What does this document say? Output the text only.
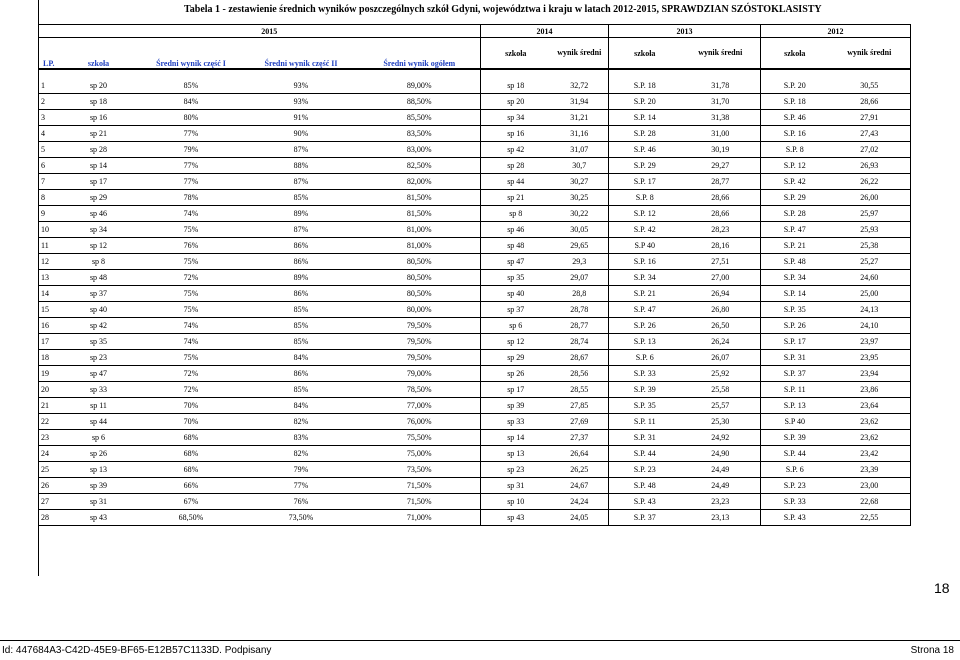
Tabela 1 - zestawienie średnich wyników poszczególnych szkół Gdyni, województwa i kraju w latach 2012-2015, SPRAWDZIAN SZÓSTOKLASISTY
	2015				2014		2013		2012	
LP.	szkoła	Średni wynik część I	Średni wynik część II	Średni wynik ogółem	szkoła	wynik średni	szkoła	wynik średni	szkoła	wynik średni

1	sp 20	85%	93%	89,00%	sp 18	32,72	S.P. 18	31,78	S.P. 20	30,55
2	sp 18	84%	93%	88,50%	sp 20	31,94	S.P. 20	31,70	S.P. 18	28,66
3	sp 16	80%	91%	85,50%	sp 34	31,21	S.P. 14	31,38	S.P. 46	27,91
4	sp 21	77%	90%	83,50%	sp 16	31,16	S.P. 28	31,00	S.P. 16	27,43
5	sp 28	79%	87%	83,00%	sp 42	31,07	S.P. 46	30,19	S.P. 8	27,02
6	sp 14	77%	88%	82,50%	sp 28	30,7	S.P. 29	29,27	S.P. 12	26,93
7	sp 17	77%	87%	82,00%	sp 44	30,27	S.P. 17	28,77	S.P. 42	26,22
8	sp 29	78%	85%	81,50%	sp 21	30,25	S.P. 8	28,66	S.P. 29	26,00
9	sp 46	74%	89%	81,50%	sp 8	30,22	S.P. 12	28,66	S.P. 28	25,97
10	sp 34	75%	87%	81,00%	sp 46	30,05	S.P. 42	28,23	S.P. 47	25,93
11	sp 12	76%	86%	81,00%	sp 48	29,65	S.P 40	28,16	S.P. 21	25,38
12	sp 8	75%	86%	80,50%	sp 47	29,3	S.P. 16	27,51	S.P. 48	25,27
13	sp 48	72%	89%	80,50%	sp 35	29,07	S.P. 34	27,00	S.P. 34	24,60
14	sp 37	75%	86%	80,50%	sp 40	28,8	S.P. 21	26,94	S.P. 14	25,00
15	sp 40	75%	85%	80,00%	sp 37	28,78	S.P. 47	26,80	S.P. 35	24,13
16	sp 42	74%	85%	79,50%	sp 6	28,77	S.P. 26	26,50	S.P. 26	24,10
17	sp 35	74%	85%	79,50%	sp 12	28,74	S.P. 13	26,24	S.P. 17	23,97
18	sp 23	75%	84%	79,50%	sp 29	28,67	S.P. 6	26,07	S.P. 31	23,95
19	sp 47	72%	86%	79,00%	sp 26	28,56	S.P. 33	25,92	S.P. 37	23,94
20	sp 33	72%	85%	78,50%	sp 17	28,55	S.P. 39	25,58	S.P. 11	23,86
21	sp 11	70%	84%	77,00%	sp 39	27,85	S.P. 35	25,57	S.P. 13	23,64
22	sp 44	70%	82%	76,00%	sp 33	27,69	S.P. 11	25,30	S.P 40	23,62
23	sp 6	68%	83%	75,50%	sp 14	27,37	S.P. 31	24,92	S.P. 39	23,62
24	sp 26	68%	82%	75,00%	sp 13	26,64	S.P. 44	24,90	S.P. 44	23,42
25	sp 13	68%	79%	73,50%	sp 23	26,25	S.P. 23	24,49	S.P. 6	23,39
26	sp 39	66%	77%	71,50%	sp 31	24,67	S.P. 48	24,49	S.P. 23	23,00
27	sp 31	67%	76%	71,50%	sp 10	24,24	S.P. 43	23,23	S.P. 33	22,68
28	sp 43	68,50%	73,50%	71,00%	sp 43	24,05	S.P. 37	23,13	S.P. 43	22,55
18
Id: 447684A3-C42D-45E9-BF65-E12B57C1133D. Podpisany	Strona 18
